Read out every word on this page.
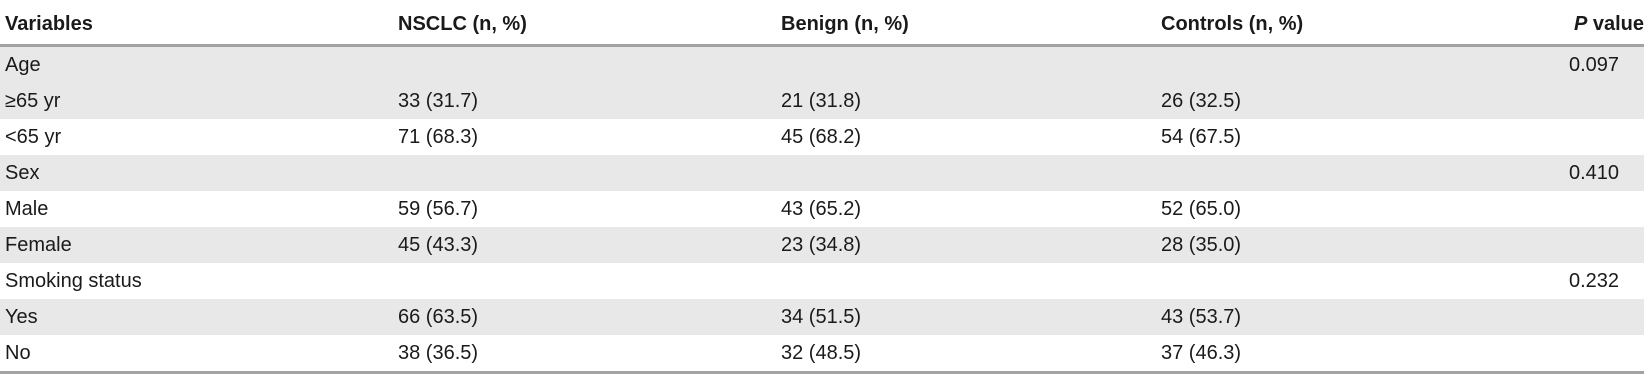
Variables	NSCLC (n, %)	Benign (n, %)	Controls (n, %)	P value
Age				0.097
≥65 yr	33 (31.7)	21 (31.8)	26 (32.5)	
<65 yr	71 (68.3)	45 (68.2)	54 (67.5)	
Sex				0.410
Male	59 (56.7)	43 (65.2)	52 (65.0)	
Female	45 (43.3)	23 (34.8)	28 (35.0)	
Smoking status				0.232
Yes	66 (63.5)	34 (51.5)	43 (53.7)	
No	38 (36.5)	32 (48.5)	37 (46.3)	
